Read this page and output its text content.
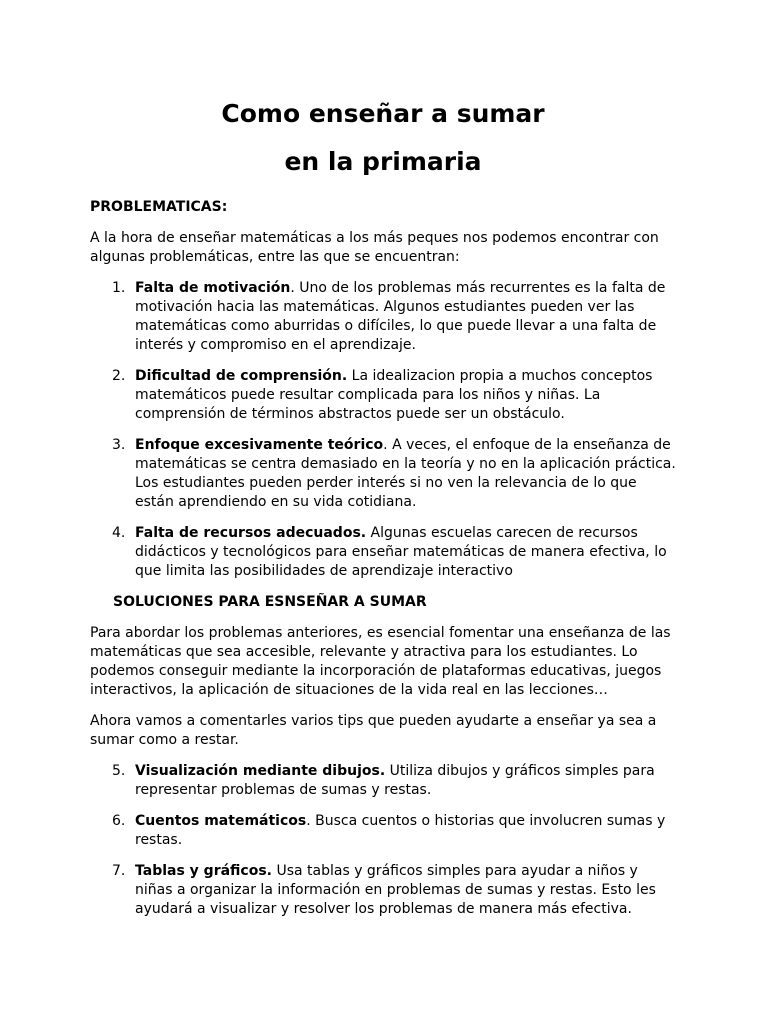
Como enseñar a sumar
en la primaria
PROBLEMATICAS:

A la hora de enseñar matemáticas a los más peques nos podemos encontrar con algunas problemáticas, entre las que se encuentran:

1. Falta de motivación. Uno de los problemas más recurrentes es la falta de motivación hacia las matemáticas. Algunos estudiantes pueden ver las matemáticas como aburridas o difíciles, lo que puede llevar a una falta de interés y compromiso en el aprendizaje.
2. Dificultad de comprensión. La idealizacion propia a muchos conceptos matemáticos puede resultar complicada para los niños y niñas. La comprensión de términos abstractos puede ser un obstáculo.
3. Enfoque excesivamente teórico. A veces, el enfoque de la enseñanza de matemáticas se centra demasiado en la teoría y no en la aplicación práctica. Los estudiantes pueden perder interés si no ven la relevancia de lo que están aprendiendo en su vida cotidiana.
4. Falta de recursos adecuados. Algunas escuelas carecen de recursos didácticos y tecnológicos para enseñar matemáticas de manera efectiva, lo que limita las posibilidades de aprendizaje interactivo
SOLUCIONES PARA ESNSEÑAR A SUMAR

Para abordar los problemas anteriores, es esencial fomentar una enseñanza de las matemáticas que sea accesible, relevante y atractiva para los estudiantes. Lo podemos conseguir mediante la incorporación de plataformas educativas, juegos interactivos, la aplicación de situaciones de la vida real en las lecciones…

Ahora vamos a comentarles varios tips que pueden ayudarte a enseñar ya sea a sumar como a restar.

5. Visualización mediante dibujos. Utiliza dibujos y gráficos simples para representar problemas de sumas y restas.
6. Cuentos matemáticos. Busca cuentos o historias que involucren sumas y restas.
7. Tablas y gráficos. Usa tablas y gráficos simples para ayudar a niños y niñas a organizar la información en problemas de sumas y restas. Esto les ayudará a visualizar y resolver los problemas de manera más efectiva.
